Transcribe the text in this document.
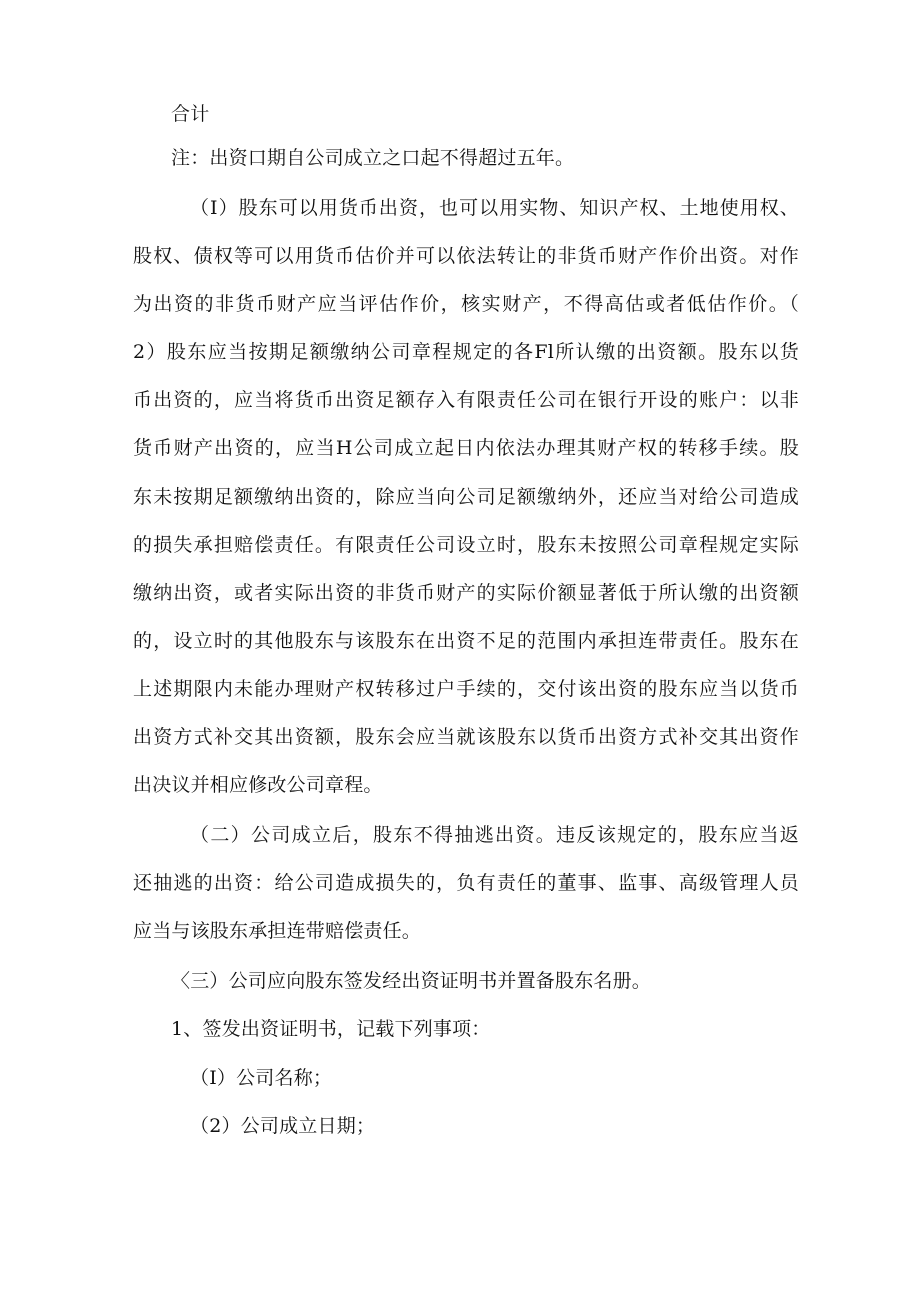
合计
注：出资口期自公司成立之口起不得超过五年。
（I）股东可以用货币出资，也可以用实物、知识产权、土地使用权、
股权、债权等可以用货币估价并可以依法转让的非货币财产作价出资。对作
为出资的非货币财产应当评估作价，核实财产，不得高估或者低估作价。（
2）股东应当按期足额缴纳公司章程规定的各Fl所认缴的出资额。股东以货
币出资的，应当将货币出资足额存入有限责任公司在银行开设的账户：以非
货币财产出资的，应当H公司成立起日内依法办理其财产权的转移手续。股
东未按期足额缴纳出资的，除应当向公司足额缴纳外，还应当对给公司造成
的损失承担赔偿责任。有限责任公司设立时，股东未按照公司章程规定实际
缴纳出资，或者实际出资的非货币财产的实际价额显著低于所认缴的出资额
的，设立时的其他股东与该股东在出资不足的范围内承担连带责任。股东在
上述期限内未能办理财产权转移过户手续的，交付该出资的股东应当以货币
出资方式补交其出资额，股东会应当就该股东以货币出资方式补交其出资作
出决议并相应修改公司章程。
（二）公司成立后，股东不得抽逃出资。违反该规定的，股东应当返
还抽逃的出资：给公司造成损失的，负有责任的董事、监事、高级管理人员
应当与该股东承担连带赔偿责任。
〈三）公司应向股东签发经出资证明书并置备股东名册。
1、签发出资证明书，记载下列事项：
（I）公司名称；
（2）公司成立日期；
